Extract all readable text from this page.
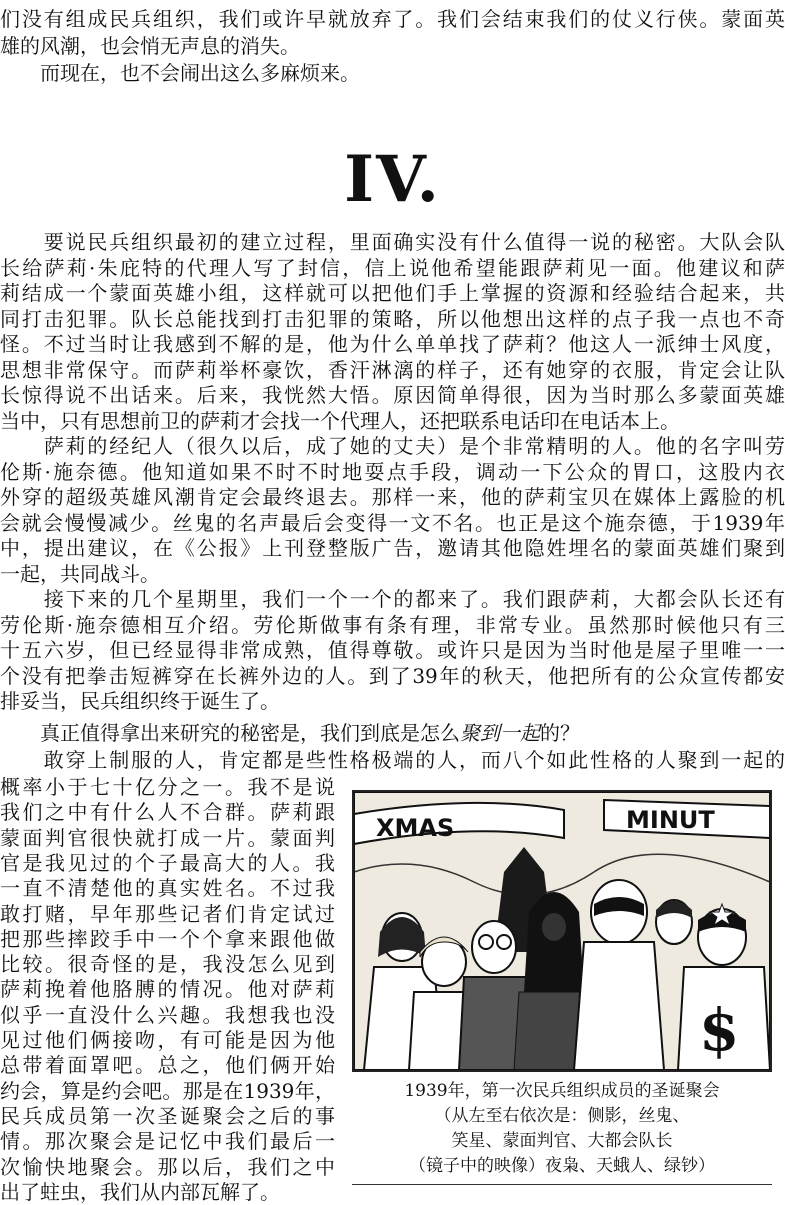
们没有组成民兵组织，我们或许早就放弃了。我们会结束我们的仗义行侠。蒙面英
雄的风潮，也会悄无声息的消失。
　　而现在，也不会闹出这么多麻烦来。
IV.
　　要说民兵组织最初的建立过程，里面确实没有什么值得一说的秘密。大队会队
长给萨莉·朱庇特的代理人写了封信，信上说他希望能跟萨莉见一面。他建议和萨
莉结成一个蒙面英雄小组，这样就可以把他们手上掌握的资源和经验结合起来，共
同打击犯罪。队长总能找到打击犯罪的策略，所以他想出这样的点子我一点也不奇
怪。不过当时让我感到不解的是，他为什么单单找了萨莉？他这人一派绅士风度，
思想非常保守。而萨莉举杯豪饮，香汗淋漓的样子，还有她穿的衣服，肯定会让队
长惊得说不出话来。后来，我恍然大悟。原因简单得很，因为当时那么多蒙面英雄
当中，只有思想前卫的萨莉才会找一个代理人，还把联系电话印在电话本上。
　　萨莉的经纪人（很久以后，成了她的丈夫）是个非常精明的人。他的名字叫劳
伦斯·施奈德。他知道如果不时不时地耍点手段，调动一下公众的胃口，这股内衣
外穿的超级英雄风潮肯定会最终退去。那样一来，他的萨莉宝贝在媒体上露脸的机
会就会慢慢减少。丝鬼的名声最后会变得一文不名。也正是这个施奈德，于1939年
中，提出建议，在《公报》上刊登整版广告，邀请其他隐姓埋名的蒙面英雄们聚到
一起，共同战斗。
　　接下来的几个星期里，我们一个一个的都来了。我们跟萨莉，大都会队长还有
劳伦斯·施奈德相互介绍。劳伦斯做事有条有理，非常专业。虽然那时候他只有三
十五六岁，但已经显得非常成熟，值得尊敬。或许只是因为当时他是屋子里唯一一
个没有把拳击短裤穿在长裤外边的人。到了39年的秋天，他把所有的公众宣传都安
排妥当，民兵组织终于诞生了。
　　真正值得拿出来研究的秘密是，我们到底是怎么聚到一起的？
　　敢穿上制服的人，肯定都是些性格极端的人，而八个如此性格的人聚到一起的
概率小于七十亿分之一。我不是说
我们之中有什么人不合群。萨莉跟
蒙面判官很快就打成一片。蒙面判
官是我见过的个子最高大的人。我
一直不清楚他的真实姓名。不过我
敢打赌，早年那些记者们肯定试过
把那些摔跤手中一个个拿来跟他做
比较。很奇怪的是，我没怎么见到
萨莉挽着他胳膊的情况。他对萨莉
似乎一直没什么兴趣。我想我也没
见过他们俩接吻，有可能是因为他
总带着面罩吧。总之，他们俩开始
约会，算是约会吧。那是在1939年，
民兵成员第一次圣诞聚会之后的事
情。那次聚会是记忆中我们最后一
次愉快地聚会。那以后，我们之中
出了蛀虫，我们从内部瓦解了。
XMAS	MINUT
$
1939年，第一次民兵组织成员的圣诞聚会
（从左至右依次是：侧影，丝鬼、
笑星、蒙面判官、大都会队长
（镜子中的映像）夜枭、天蛾人、绿钞）
